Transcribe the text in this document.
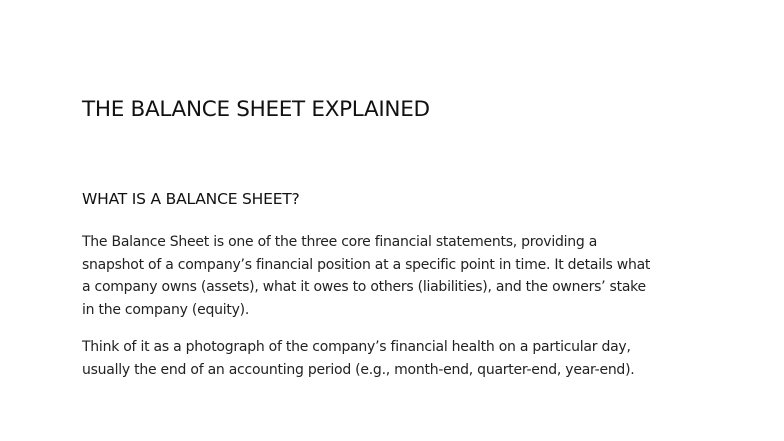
THE BALANCE SHEET EXPLAINED
WHAT IS A BALANCE SHEET?

The Balance Sheet is one of the three core financial statements, providing a
snapshot of a company’s financial position at a specific point in time. It details what
a company owns (assets), what it owes to others (liabilities), and the owners’ stake
in the company (equity).

Think of it as a photograph of the company’s financial health on a particular day,
usually the end of an accounting period (e.g., month-end, quarter-end, year-end).
